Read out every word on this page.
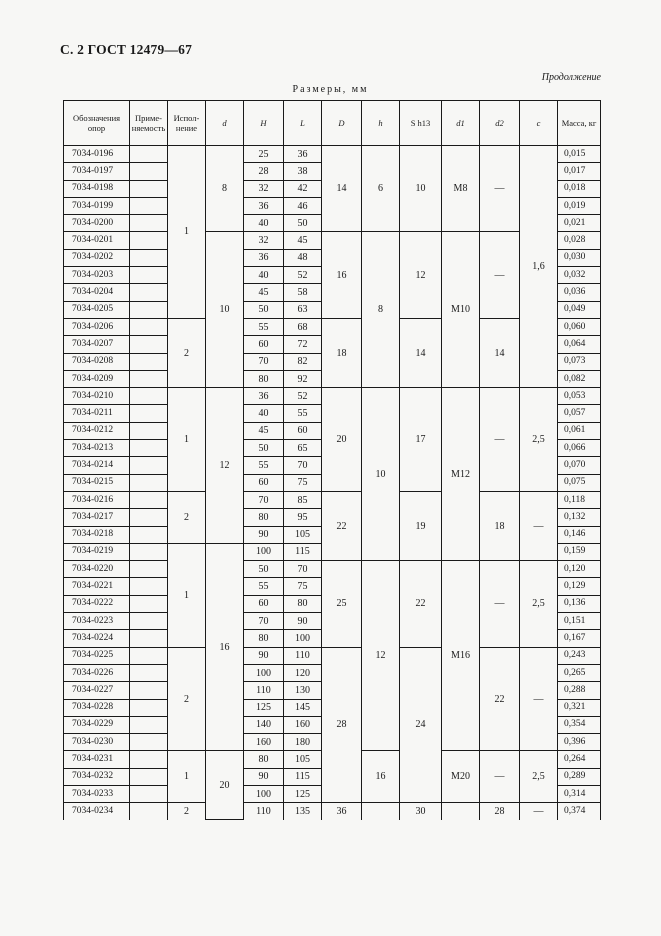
С. 2 ГОСТ 12479—67
Продолжение
Размеры, мм
Обозначения опор	Приме- няемость	Испол- нение	d	H	L	D	h	S h13	d1	d2	c	Масса, кг
7034-0196		1	8	25	36	14	6	10	M8	—	1,6	0,015
7034-0197				28	38							0,017
7034-0198				32	42							0,018
7034-0199				36	46							0,019
7034-0200				40	50							0,021
7034-0201			10	32	45	16	8	12	M10	—		0,028
7034-0202				36	48							0,030
7034-0203				40	52							0,032
7034-0204				45	58							0,036
7034-0205				50	63							0,049
7034-0206		2		55	68	18		14		14		0,060
7034-0207				60	72							0,064
7034-0208				70	82							0,073
7034-0209				80	92							0,082
7034-0210		1	12	36	52	20	10	17	M12	—	2,5	0,053
7034-0211				40	55							0,057
7034-0212				45	60							0,061
7034-0213				50	65							0,066
7034-0214				55	70							0,070
7034-0215				60	75							0,075
7034-0216		2		70	85	22		19		18	—	0,118
7034-0217				80	95							0,132
7034-0218				90	105							0,146
7034-0219		1	16	100	115							0,159
7034-0220				50	70	25	12	22	M16	—	2,5	0,120
7034-0221				55	75							0,129
7034-0222				60	80							0,136
7034-0223				70	90							0,151
7034-0224				80	100							0,167
7034-0225		2		90	110	28		24		22	—	0,243
7034-0226				100	120							0,265
7034-0227				110	130							0,288
7034-0228				125	145							0,321
7034-0229				140	160							0,354
7034-0230				160	180							0,396
7034-0231		1	20	80	105		16		M20	—	2,5	0,264
7034-0232				90	115							0,289
7034-0233				100	125							0,314
7034-0234		2		110	135	36		30		28	—	0,374
